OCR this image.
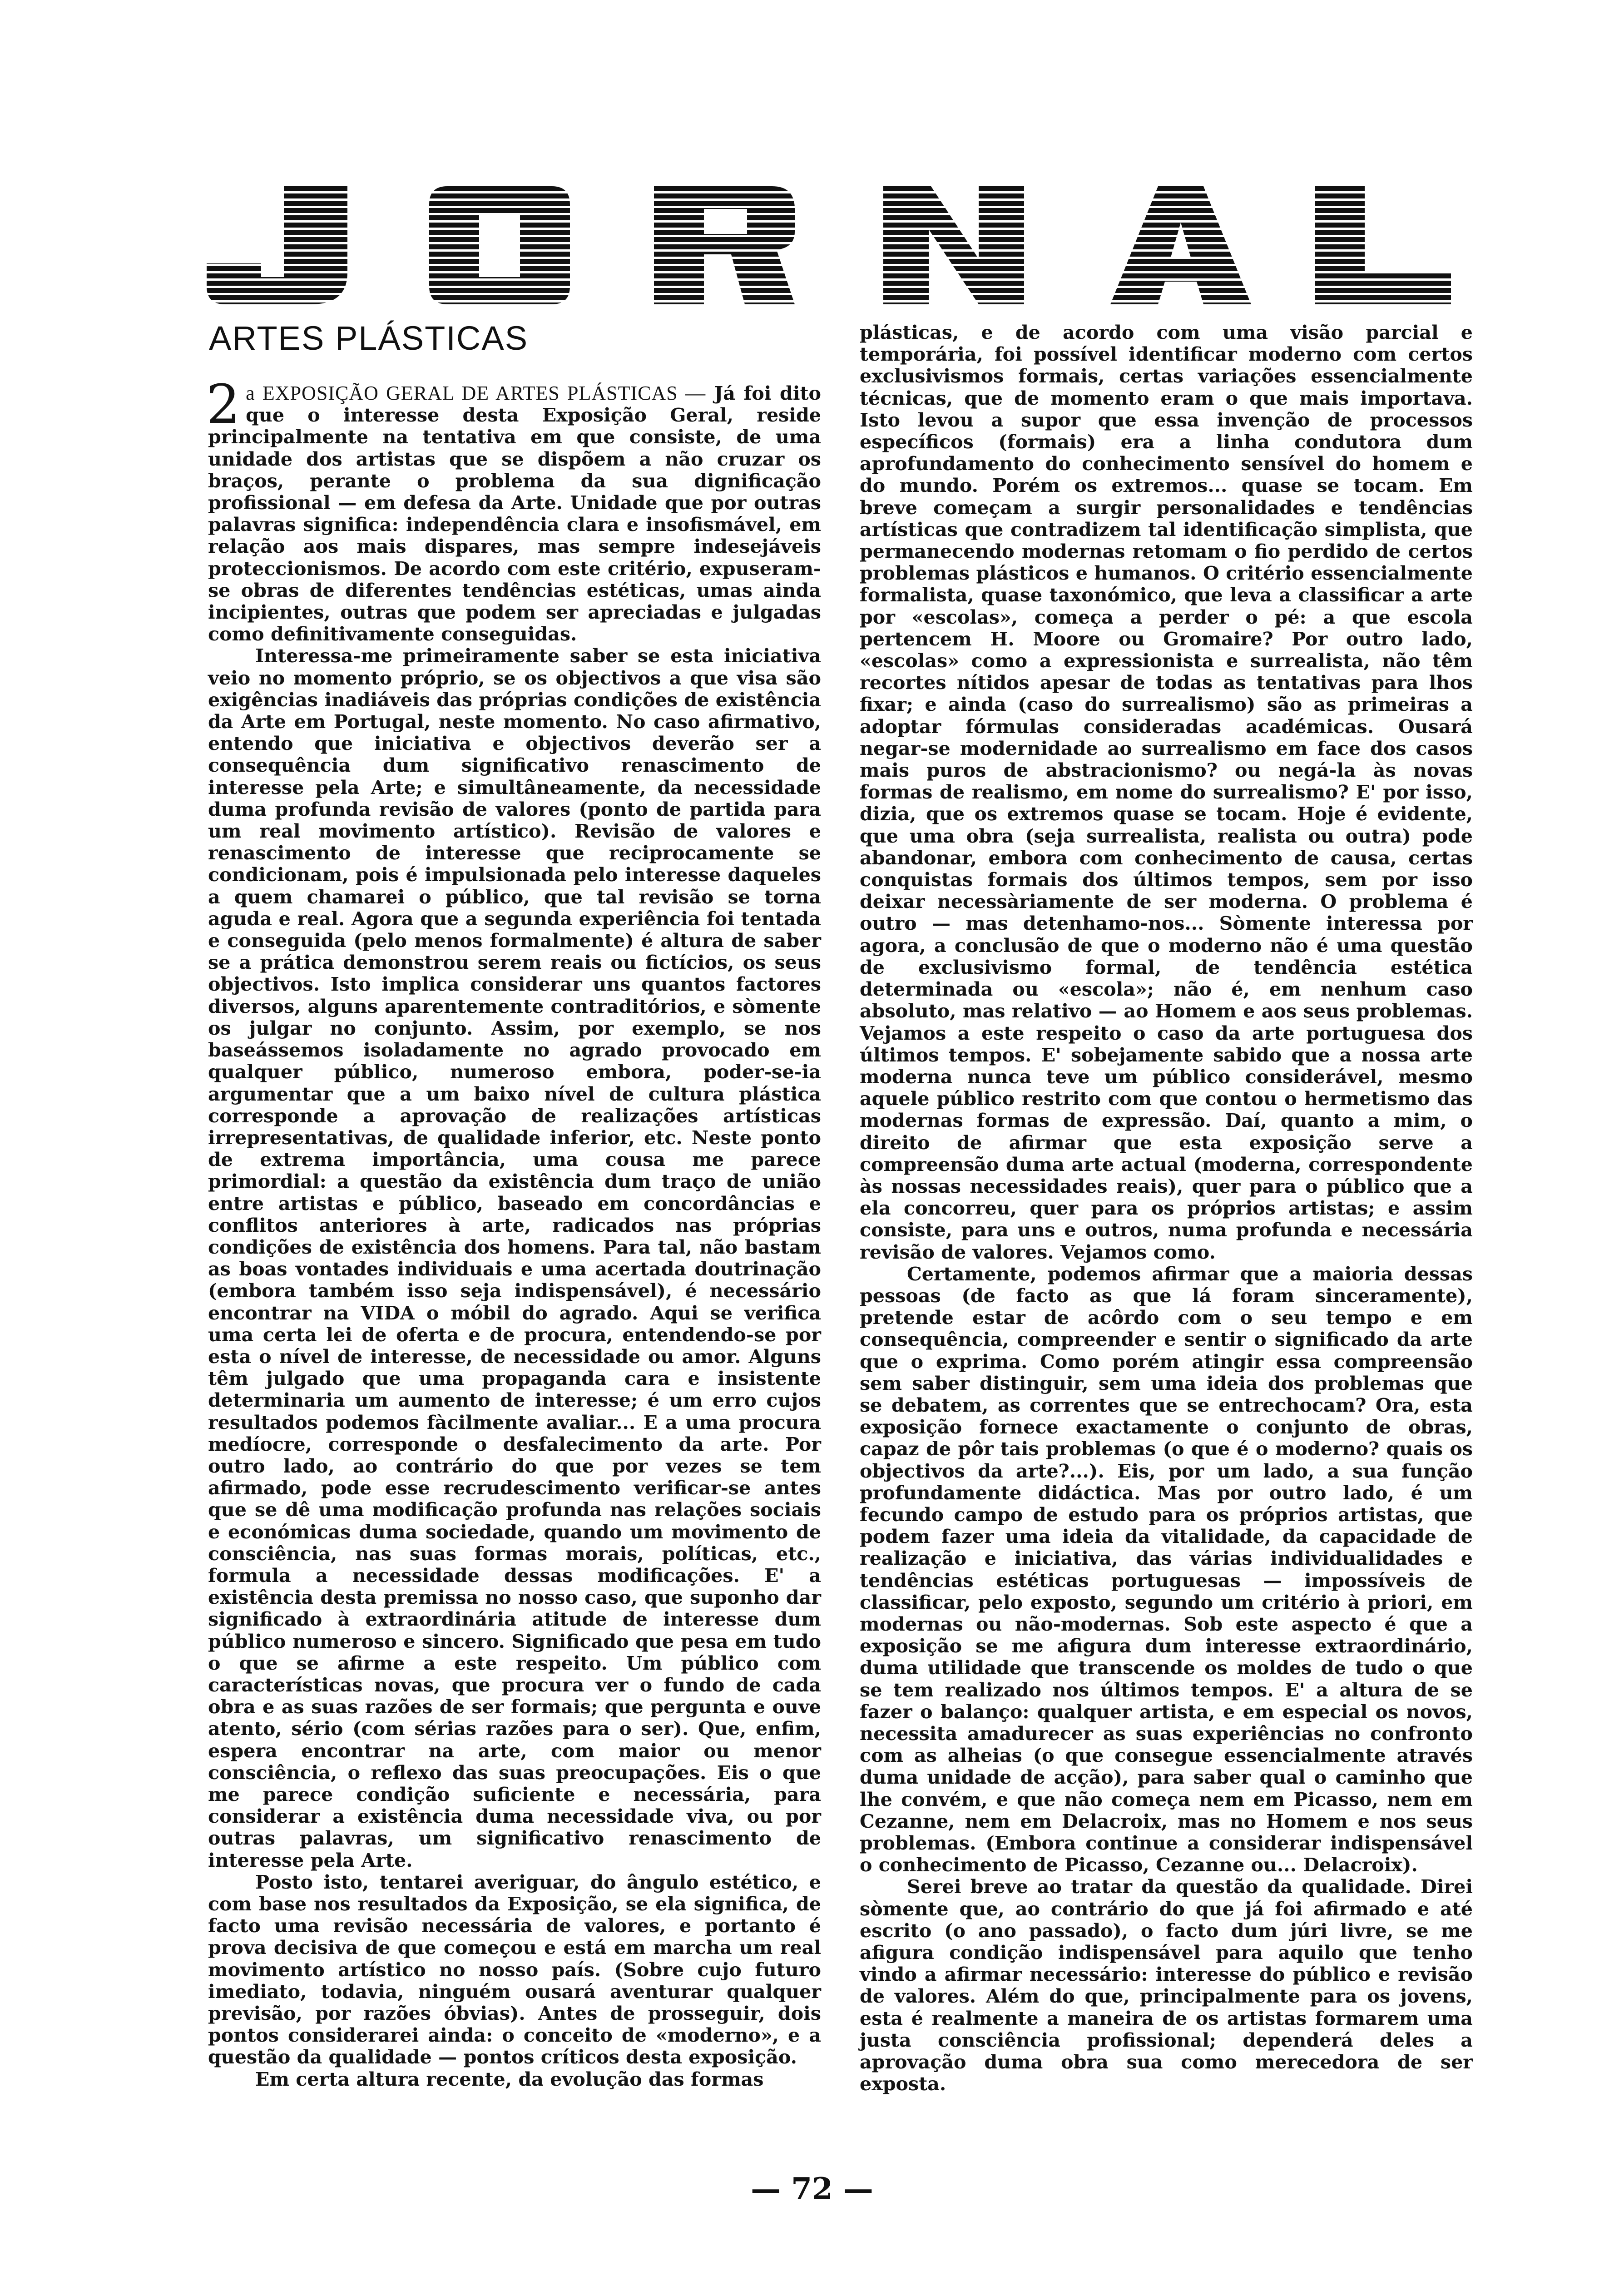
ARTES PLÁSTICAS

2 a EXPOSIÇÃO GERAL DE ARTES PLÁSTICAS — Já foi dito que o interesse desta Exposição Geral, reside principalmente na tentativa em que consiste, de uma unidade dos artistas que se dispõem a não cruzar os braços, perante o problema da sua dignificação profissional — em defesa da Arte. Unidade que por outras palavras significa: independência clara e insofismável, em relação aos mais dispares, mas sempre indesejáveis proteccionismos. De acordo com este critério, expuseram-se obras de diferentes tendências estéticas, umas ainda incipientes, outras que podem ser apreciadas e julgadas como definitivamente conseguidas.

Interessa-me primeiramente saber se esta iniciativa veio no momento próprio, se os objectivos a que visa são exigências inadiáveis das próprias condições de existência da Arte em Portugal, neste momento. No caso afirmativo, entendo que iniciativa e objectivos deverão ser a consequência dum significativo renascimento de interesse pela Arte; e simultâneamente, da necessidade duma profunda revisão de valores (ponto de partida para um real movimento artístico). Revisão de valores e renascimento de interesse que reciprocamente se condicionam, pois é impulsionada pelo interesse daqueles a quem chamarei o público, que tal revisão se torna aguda e real. Agora que a segunda experiência foi tentada e conseguida (pelo menos formalmente) é altura de saber se a prática demonstrou serem reais ou fictícios, os seus objectivos. Isto implica considerar uns quantos factores diversos, alguns aparentemente contraditórios, e sòmente os julgar no conjunto. Assim, por exemplo, se nos baseássemos isoladamente no agrado provocado em qualquer público, numeroso embora, poder-se-ia argumentar que a um baixo nível de cultura plástica corresponde a aprovação de realizações artísticas irrepresentativas, de qualidade inferior, etc. Neste ponto de extrema importância, uma cousa me parece primordial: a questão da existência dum traço de união entre artistas e público, baseado em concordâncias e conflitos anteriores à arte, radicados nas próprias condições de existência dos homens. Para tal, não bastam as boas vontades individuais e uma acertada doutrinação (embora também isso seja indispensável), é necessário encontrar na VIDA o móbil do agrado. Aqui se verifica uma certa lei de oferta e de procura, entendendo-se por esta o nível de interesse, de necessidade ou amor. Alguns têm julgado que uma propaganda cara e insistente determinaria um aumento de interesse; é um erro cujos resultados podemos fàcilmente avaliar... E a uma procura medíocre, corresponde o desfalecimento da arte. Por outro lado, ao contrário do que por vezes se tem afirmado, pode esse recrudescimento verificar-se antes que se dê uma modificação profunda nas relações sociais e económicas duma sociedade, quando um movimento de consciência, nas suas formas morais, políticas, etc., formula a necessidade dessas modificações. E' a existência desta premissa no nosso caso, que suponho dar significado à extraordinária atitude de interesse dum público numeroso e sincero. Significado que pesa em tudo o que se afirme a este respeito. Um público com características novas, que procura ver o fundo de cada obra e as suas razões de ser formais; que pergunta e ouve atento, sério (com sérias razões para o ser). Que, enfim, espera encontrar na arte, com maior ou menor consciência, o reflexo das suas preocupações. Eis o que me parece condição suficiente e necessária, para considerar a existência duma necessidade viva, ou por outras palavras, um significativo renascimento de interesse pela Arte.

Posto isto, tentarei averiguar, do ângulo estético, e com base nos resultados da Exposição, se ela significa, de facto uma revisão necessária de valores, e portanto é prova decisiva de que começou e está em marcha um real movimento artístico no nosso país. (Sobre cujo futuro imediato, todavia, ninguém ousará aventurar qualquer previsão, por razões óbvias). Antes de prosseguir, dois pontos considerarei ainda: o conceito de «moderno», e a questão da qualidade — pontos críticos desta exposição.

Em certa altura recente, da evolução das formas

plásticas, e de acordo com uma visão parcial e temporária, foi possível identificar moderno com certos exclusivismos formais, certas variações essencialmente técnicas, que de momento eram o que mais importava. Isto levou a supor que essa invenção de processos específicos (formais) era a linha condutora dum aprofundamento do conhecimento sensível do homem e do mundo. Porém os extremos... quase se tocam. Em breve começam a surgir personalidades e tendências artísticas que contradizem tal identificação simplista, que permanecendo modernas retomam o fio perdido de certos problemas plásticos e humanos. O critério essencialmente formalista, quase taxonómico, que leva a classificar a arte por «escolas», começa a perder o pé: a que escola pertencem H. Moore ou Gromaire? Por outro lado, «escolas» como a expressionista e surrealista, não têm recortes nítidos apesar de todas as tentativas para lhos fixar; e ainda (caso do surrealismo) são as primeiras a adoptar fórmulas consideradas académicas. Ousará negar-se modernidade ao surrealismo em face dos casos mais puros de abstracionismo? ou negá-la às novas formas de realismo, em nome do surrealismo? E' por isso, dizia, que os extremos quase se tocam. Hoje é evidente, que uma obra (seja surrealista, realista ou outra) pode abandonar, embora com conhecimento de causa, certas conquistas formais dos últimos tempos, sem por isso deixar necessàriamente de ser moderna. O problema é outro — mas detenhamo-nos... Sòmente interessa por agora, a conclusão de que o moderno não é uma questão de exclusivismo formal, de tendência estética determinada ou «escola»; não é, em nenhum caso absoluto, mas relativo — ao Homem e aos seus problemas. Vejamos a este respeito o caso da arte portuguesa dos últimos tempos. E' sobejamente sabido que a nossa arte moderna nunca teve um público considerável, mesmo aquele público restrito com que contou o hermetismo das modernas formas de expressão. Daí, quanto a mim, o direito de afirmar que esta exposição serve a compreensão duma arte actual (moderna, correspondente às nossas necessidades reais), quer para o público que a ela concorreu, quer para os próprios artistas; e assim consiste, para uns e outros, numa profunda e necessária revisão de valores. Vejamos como.

Certamente, podemos afirmar que a maioria dessas pessoas (de facto as que lá foram sinceramente), pretende estar de acôrdo com o seu tempo e em consequência, compreender e sentir o significado da arte que o exprima. Como porém atingir essa compreensão sem saber distinguir, sem uma ideia dos problemas que se debatem, as correntes que se entrechocam? Ora, esta exposição fornece exactamente o conjunto de obras, capaz de pôr tais problemas (o que é o moderno? quais os objectivos da arte?...). Eis, por um lado, a sua função profundamente didáctica. Mas por outro lado, é um fecundo campo de estudo para os próprios artistas, que podem fazer uma ideia da vitalidade, da capacidade de realização e iniciativa, das várias individualidades e tendências estéticas portuguesas — impossíveis de classificar, pelo exposto, segundo um critério à priori, em modernas ou não-modernas. Sob este aspecto é que a exposição se me afigura dum interesse extraordinário, duma utilidade que transcende os moldes de tudo o que se tem realizado nos últimos tempos. E' a altura de se fazer o balanço: qualquer artista, e em especial os novos, necessita amadurecer as suas experiências no confronto com as alheias (o que consegue essencialmente através duma unidade de acção), para saber qual o caminho que lhe convém, e que não começa nem em Picasso, nem em Cezanne, nem em Delacroix, mas no Homem e nos seus problemas. (Embora continue a considerar indispensável o conhecimento de Picasso, Cezanne ou... Delacroix).

Serei breve ao tratar da questão da qualidade. Direi sòmente que, ao contrário do que já foi afirmado e até escrito (o ano passado), o facto dum júri livre, se me afigura condição indispensável para aquilo que tenho vindo a afirmar necessário: interesse do público e revisão de valores. Além do que, principalmente para os jovens, esta é realmente a maneira de os artistas formarem uma justa consciência profissional; dependerá deles a aprovação duma obra sua como merecedora de ser exposta.

— 72 —
